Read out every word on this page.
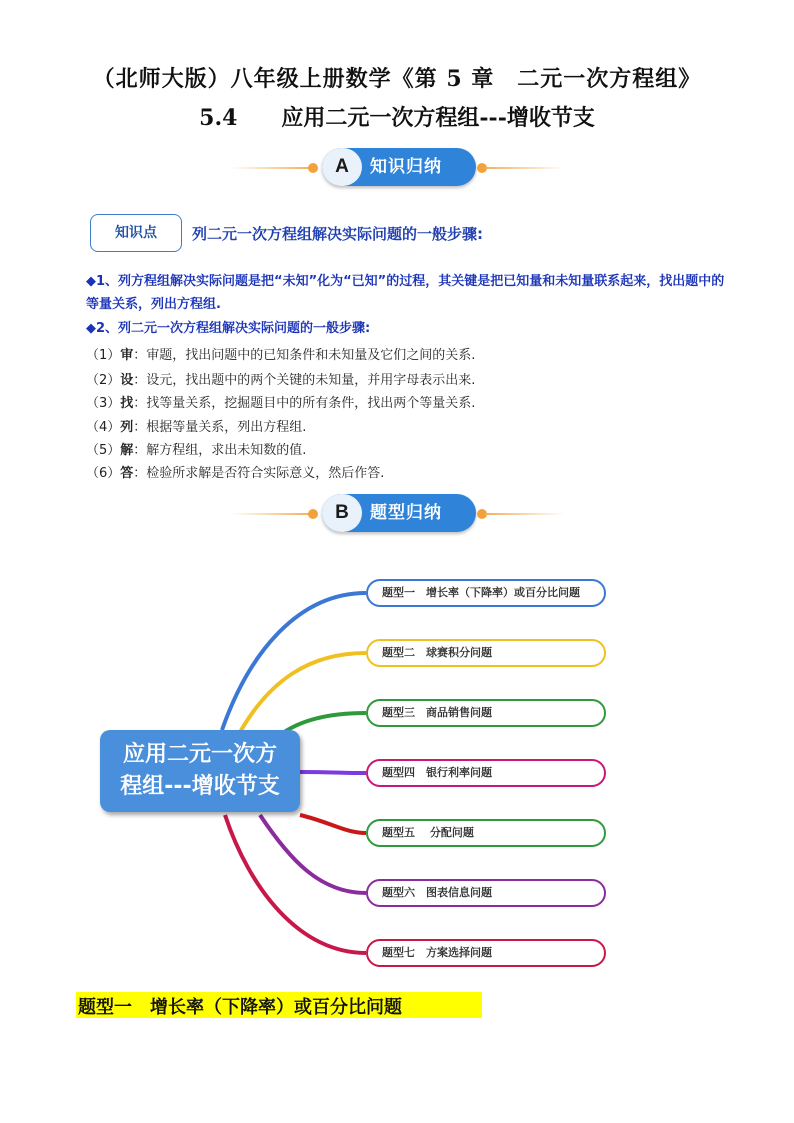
（北师大版）八年级上册数学《第 5 章　二元一次方程组》
5.4　　应用二元一次方程组---增收节支
A	知识归纳
知识点	列二元一次方程组解决实际问题的一般步骤:
◆1、列方程组解决实际问题是把“未知”化为“已知”的过程，其关键是把已知量和未知量联系起来，找出题中的等量关系，列出方程组.
◆2、列二元一次方程组解决实际问题的一般步骤:
（1）审：审题，找出问题中的已知条件和未知量及它们之间的关系.
（2）设：设元，找出题中的两个关键的未知量，并用字母表示出来.
（3）找：找等量关系，挖掘题目中的所有条件，找出两个等量关系.
（4）列：根据等量关系，列出方程组.
（5）解：解方程组，求出未知数的值.
（6）答：检验所求解是否符合实际意义，然后作答.
B	题型归纳
应用二元一次方
程组---增收节支
题型一　增长率（下降率）或百分比问题
题型二　球赛积分问题
题型三　商品销售问题
题型四　银行利率问题
题型五　 分配问题
题型六　图表信息问题
题型七　方案选择问题
题型一　增长率（下降率）或百分比问题
